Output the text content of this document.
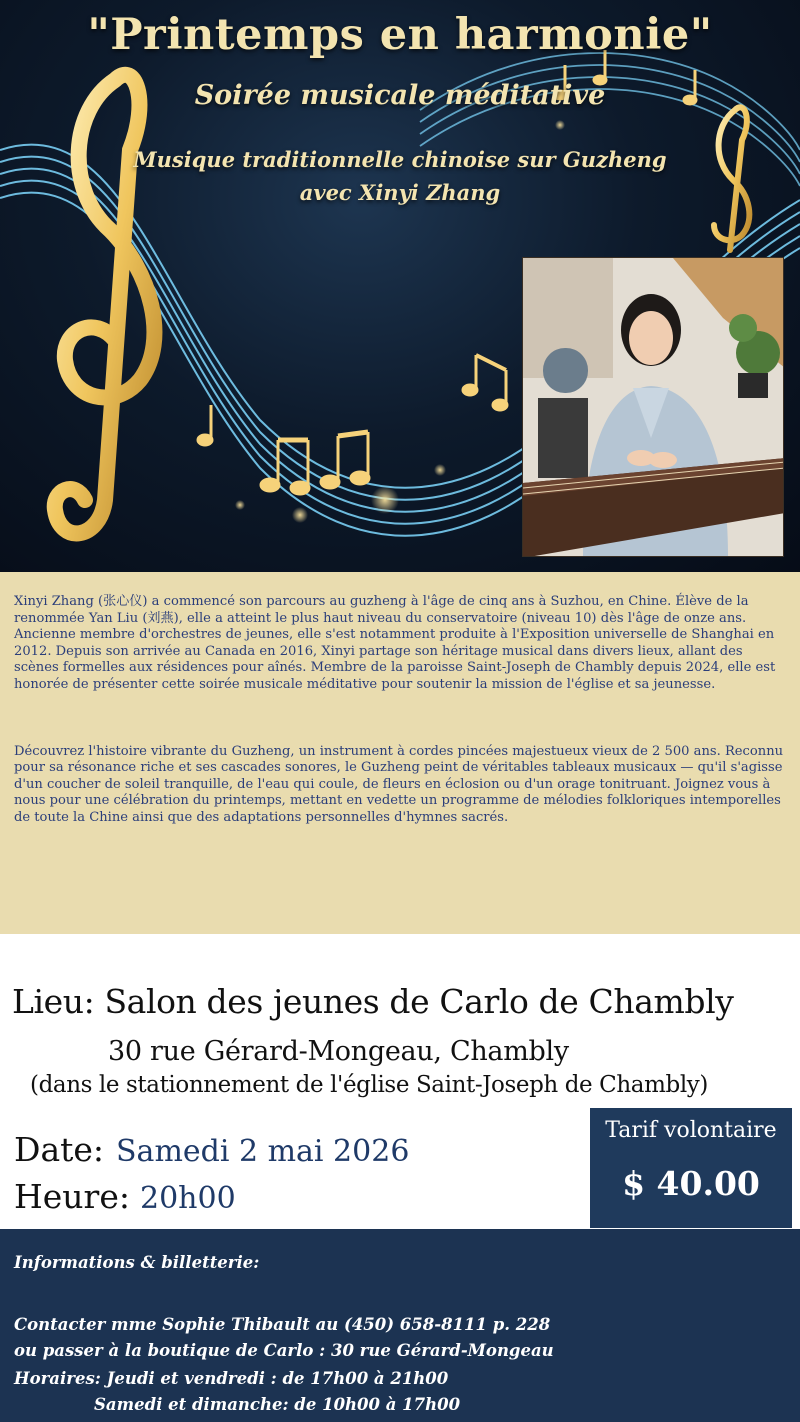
"Printemps en harmonie"
Soirée musicale méditative
Musique traditionnelle chinoise sur Guzheng
avec Xinyi Zhang

Xinyi Zhang (张心仪) a commencé son parcours au guzheng à l'âge de cinq ans à Suzhou, en Chine. Élève de la renommée Yan Liu (刘燕), elle a atteint le plus haut niveau du conservatoire (niveau 10) dès l'âge de onze ans. Ancienne membre d'orchestres de jeunes, elle s'est notamment produite à l'Exposition universelle de Shanghai en 2012. Depuis son arrivée au Canada en 2016, Xinyi partage son héritage musical dans divers lieux, allant des scènes formelles aux résidences pour aînés. Membre de la paroisse Saint-Joseph de Chambly depuis 2024, elle est honorée de présenter cette soirée musicale méditative pour soutenir la mission de l'église et sa jeunesse.

Découvrez l'histoire vibrante du Guzheng, un instrument à cordes pincées majestueux vieux de 2 500 ans. Reconnu pour sa résonance riche et ses cascades sonores, le Guzheng peint de véritables tableaux musicaux — qu'il s'agisse d'un coucher de soleil tranquille, de l'eau qui coule, de fleurs en éclosion ou d'un orage tonitruant. Joignez vous à nous pour une célébration du printemps, mettant en vedette un programme de mélodies folkloriques intemporelles de toute la Chine ainsi que des adaptations personnelles d'hymnes sacrés.

Lieu: Salon des jeunes de Carlo de Chambly
30 rue Gérard-Mongeau, Chambly
(dans le stationnement de l'église Saint-Joseph de Chambly)
Date: Samedi 2 mai 2026
Heure: 20h00
Tarif volontaire
$ 40.00
Informations & billetterie:
Contacter mme Sophie Thibault au (450) 658-8111 p. 228
ou passer à la boutique de Carlo : 30 rue Gérard-Mongeau
Horaires: Jeudi et vendredi : de 17h00 à 21h00
Samedi et dimanche: de 10h00 à 17h00
